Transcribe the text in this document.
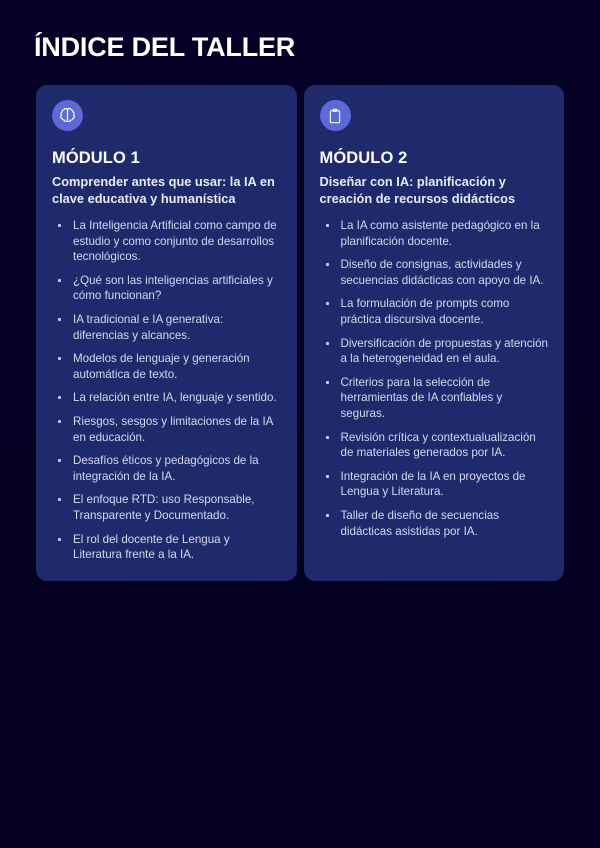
ÍNDICE DEL TALLER
MÓDULO 1
Comprender antes que usar: la IA en clave educativa y humanística
La Inteligencia Artificial como campo de estudio y como conjunto de desarrollos tecnológicos.
¿Qué son las inteligencias artificiales y cómo funcionan?
IA tradicional e IA generativa: diferencias y alcances.
Modelos de lenguaje y generación automática de texto.
La relación entre IA, lenguaje y sentido.
Riesgos, sesgos y limitaciones de la IA en educación.
Desafíos éticos y pedagógicos de la integración de la IA.
El enfoque RTD: uso Responsable, Transparente y Documentado.
El rol del docente de Lengua y Literatura frente a la IA.
MÓDULO 2
Diseñar con IA: planificación y creación de recursos didácticos
La IA como asistente pedagógico en la planificación docente.
Diseño de consignas, actividades y secuencias didácticas con apoyo de IA.
La formulación de prompts como práctica discursiva docente.
Diversificación de propuestas y atención a la heterogeneidad en el aula.
Criterios para la selección de herramientas de IA confiables y seguras.
Revisión crítica y contextualualización de materiales generados por IA.
Integración de la IA en proyectos de Lengua y Literatura.
Taller de diseño de secuencias didácticas asistidas por IA.
